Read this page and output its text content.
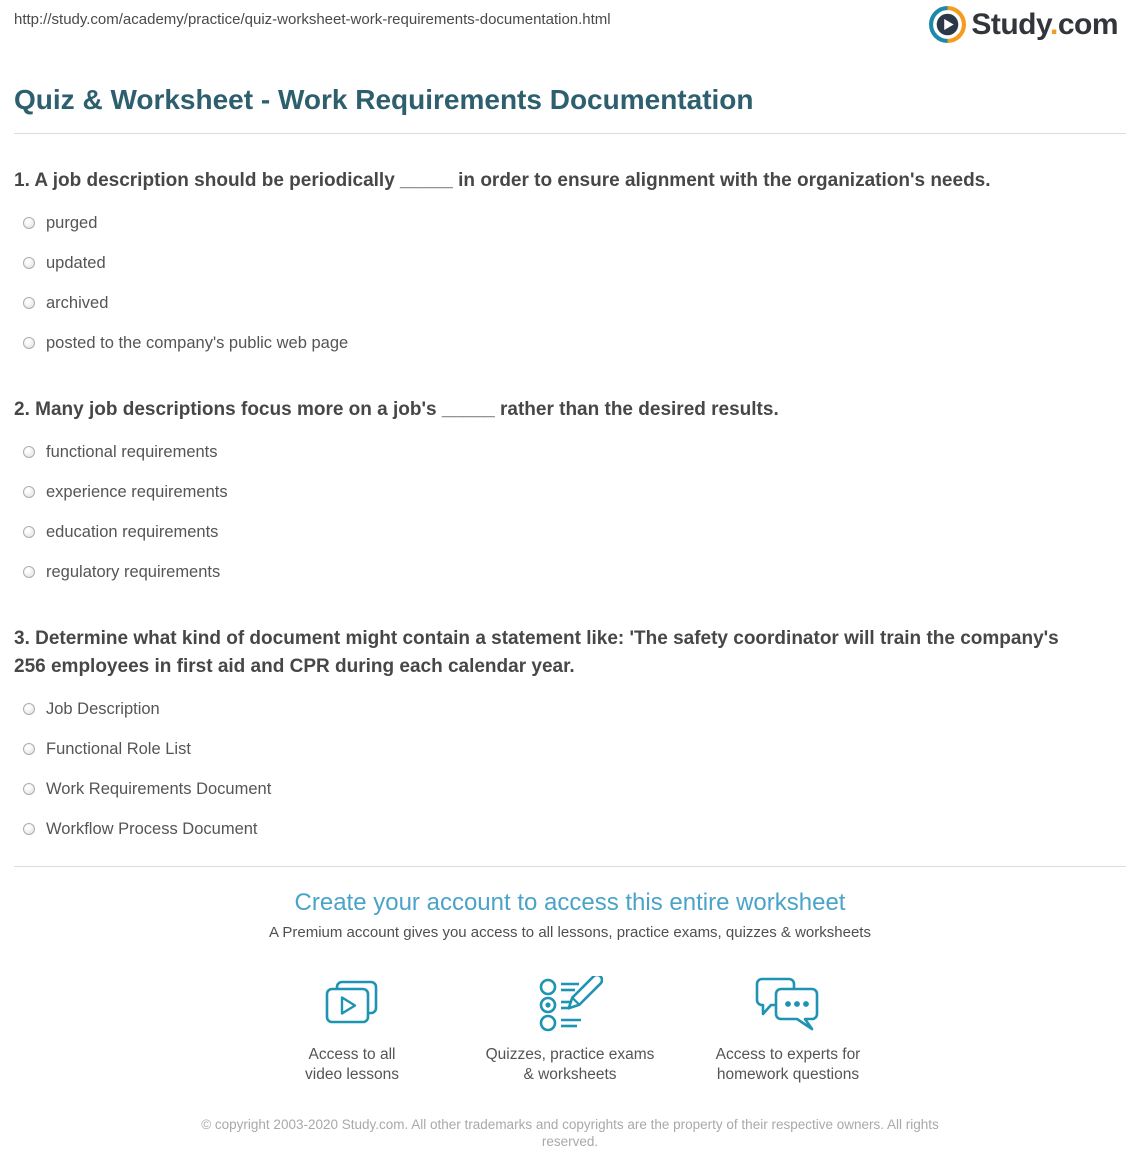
http://study.com/academy/practice/quiz-worksheet-work-requirements-documentation.html	Study.com
Quiz & Worksheet - Work Requirements Documentation
1. A job description should be periodically _____ in order to ensure alignment with the organization's needs.
purged
updated
archived
posted to the company's public web page
2. Many job descriptions focus more on a job's _____ rather than the desired results.
functional requirements
experience requirements
education requirements
regulatory requirements
3. Determine what kind of document might contain a statement like: 'The safety coordinator will train the company's 256 employees in first aid and CPR during each calendar year.
Job Description
Functional Role List
Work Requirements Document
Workflow Process Document
Create your account to access this entire worksheet
A Premium account gives you access to all lessons, practice exams, quizzes & worksheets
Access to all
video lessons
Quizzes, practice exams
& worksheets
Access to experts for
homework questions
© copyright 2003-2020 Study.com. All other trademarks and copyrights are the property of their respective owners. All rights reserved.
